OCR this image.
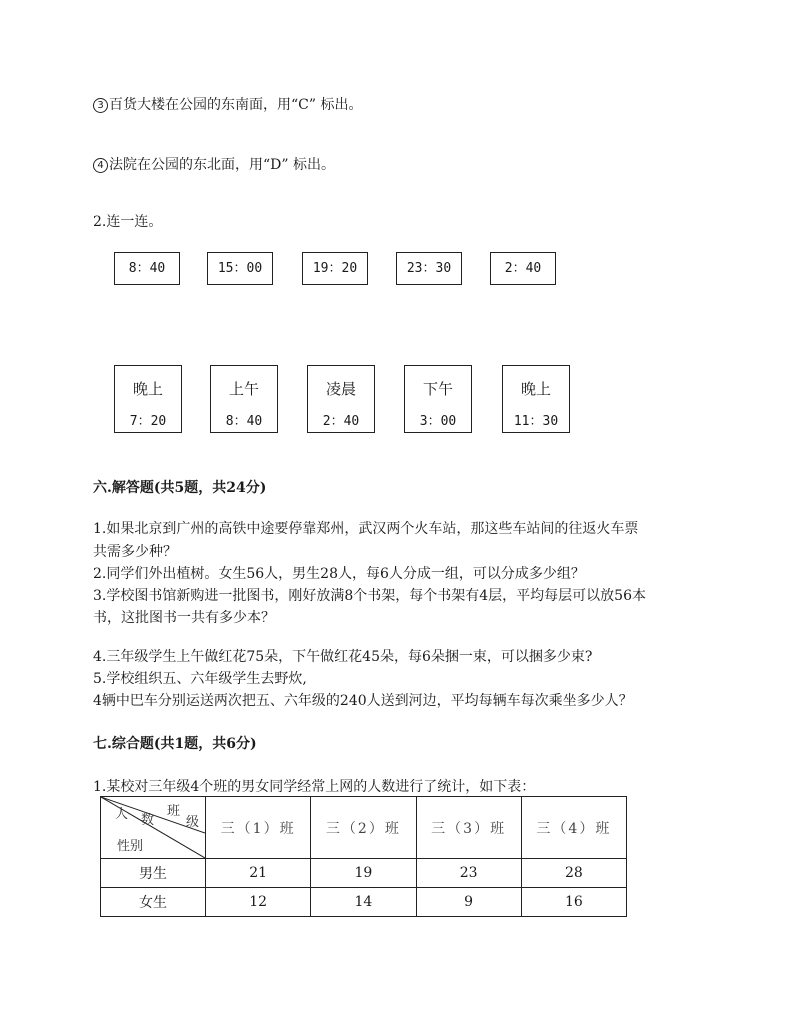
3 百货大楼在公园的东南面，用“C” 标出。
4 法院在公园的东北面，用“D” 标出。
2.连一连。
8：40	15：00	19：20	23：30	2：40
晚上
7：20
上午
8：40
凌晨
2：40
下午
3：00
晚上
11：30
六.解答题(共5题，共24分)
1.如果北京到广州的高铁中途要停靠郑州，武汉两个火车站，那这些车站间的往返火车票
共需多少种？
2.同学们外出植树。女生56人，男生28人，每6人分成一组，可以分成多少组？
3.学校图书馆新购进一批图书，刚好放满8个书架，每个书架有4层，平均每层可以放56本
书，这批图书一共有多少本？
4.三年级学生上午做红花75朵，下午做红花45朵，每6朵捆一束，可以捆多少束?
5.学校组织五、六年级学生去野炊,
4辆中巴车分别运送两次把五、六年级的240人送到河边，平均每辆车每次乘坐多少人？
七.综合题(共1题，共6分)
1.某校对三年级4个班的男女同学经常上网的人数进行了统计，如下表：
人 数
班
级
性别	三（1）班	三（2）班	三（3）班	三（4）班
男生	21	19	23	28
女生	12	14	9	16
